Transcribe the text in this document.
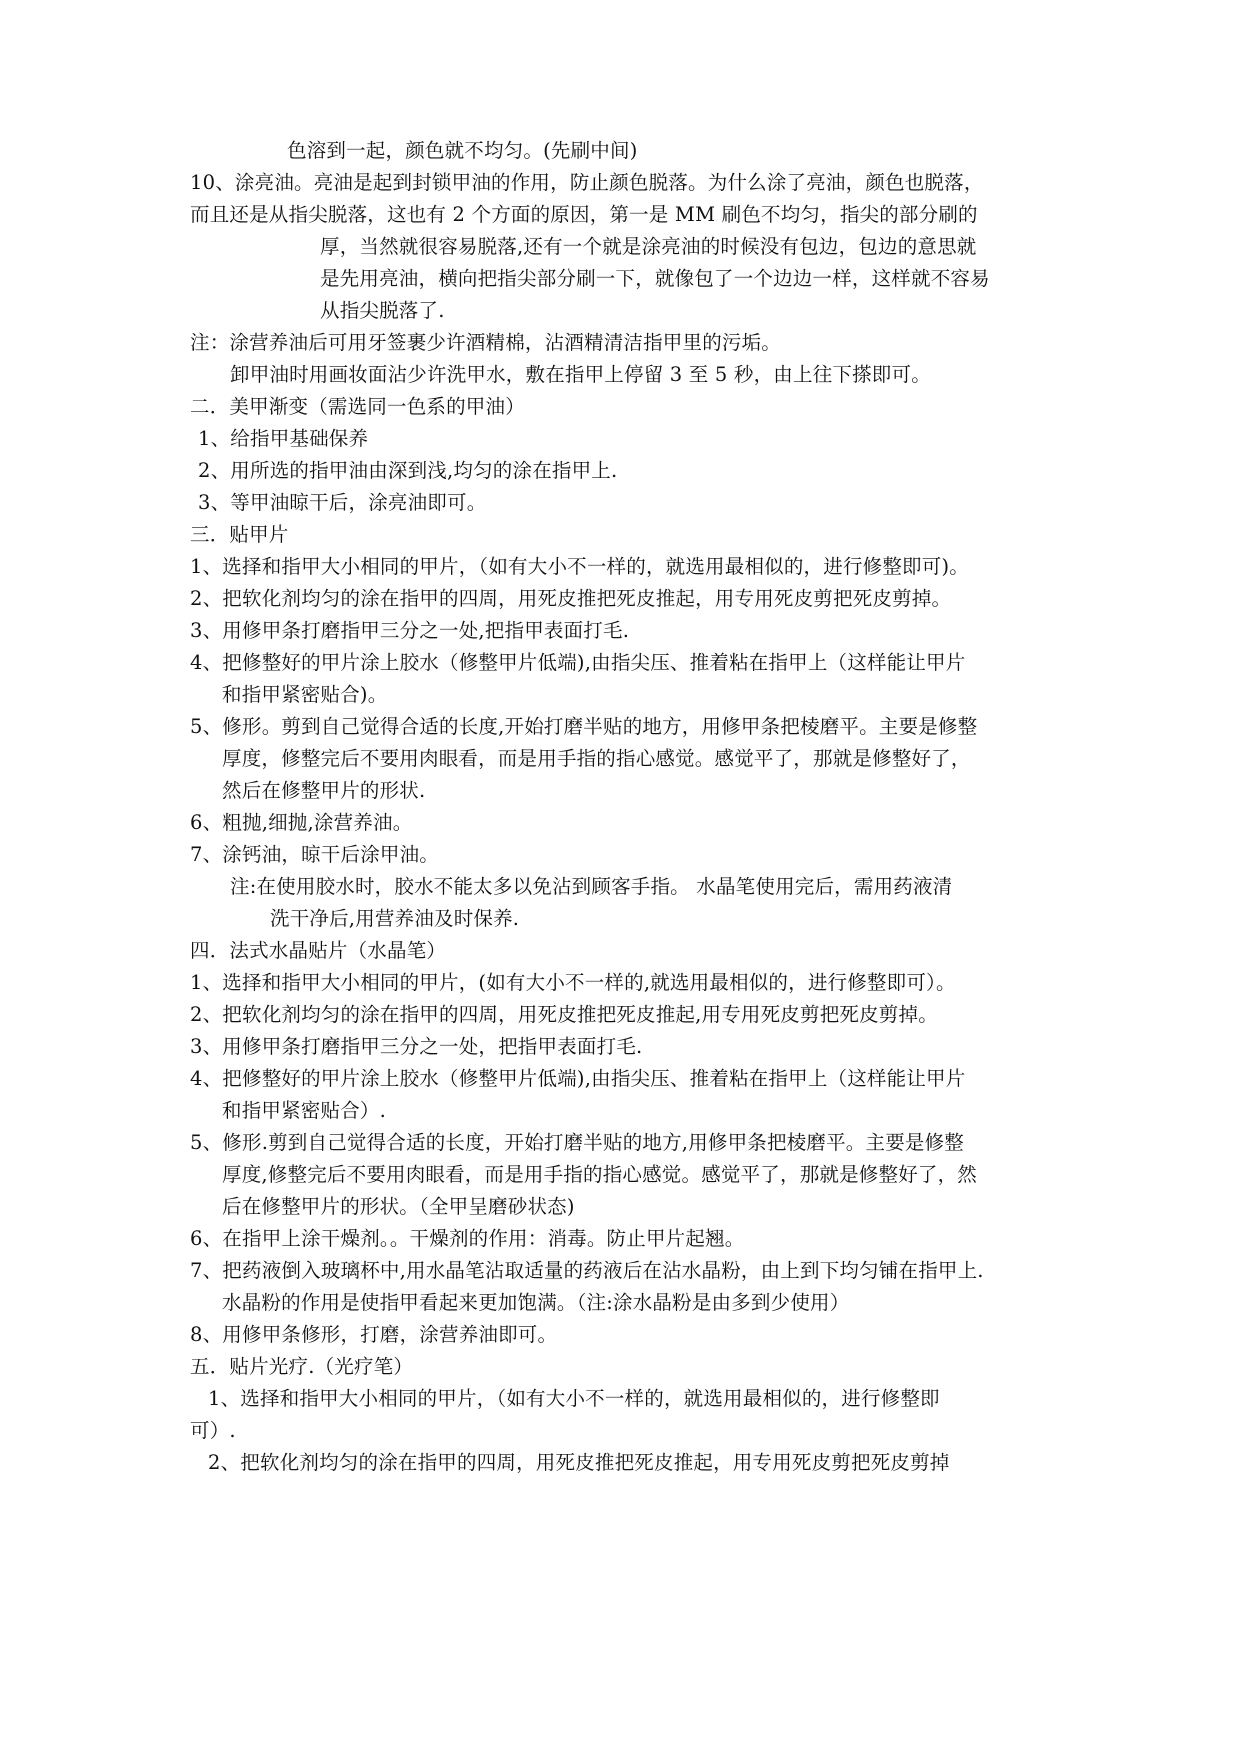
色溶到一起，颜色就不均匀。(先刷中间)
10、涂亮油。亮油是起到封锁甲油的作用，防止颜色脱落。为什么涂了亮油，颜色也脱落，
而且还是从指尖脱落，这也有 2 个方面的原因，第一是 MM 刷色不均匀，指尖的部分刷的
厚，当然就很容易脱落,还有一个就是涂亮油的时候没有包边，包边的意思就
是先用亮油，横向把指尖部分刷一下，就像包了一个边边一样，这样就不容易
从指尖脱落了.
注：涂营养油后可用牙签裹少许酒精棉，沾酒精清洁指甲里的污垢。
卸甲油时用画妆面沾少许洗甲水，敷在指甲上停留 3 至 5 秒，由上往下搽即可。
二．美甲渐变（需选同一色系的甲油）
1、给指甲基础保养
2、用所选的指甲油由深到浅,均匀的涂在指甲上.
3、等甲油晾干后，涂亮油即可。
三．贴甲片
1、选择和指甲大小相同的甲片，（如有大小不一样的，就选用最相似的，进行修整即可)。
2、把软化剂均匀的涂在指甲的四周，用死皮推把死皮推起，用专用死皮剪把死皮剪掉。
3、用修甲条打磨指甲三分之一处,把指甲表面打毛.
4、把修整好的甲片涂上胶水（修整甲片低端),由指尖压、推着粘在指甲上（这样能让甲片
和指甲紧密贴合)。
5、修形。剪到自己觉得合适的长度,开始打磨半贴的地方，用修甲条把棱磨平。主要是修整
厚度，修整完后不要用肉眼看，而是用手指的指心感觉。感觉平了，那就是修整好了，
然后在修整甲片的形状.
6、粗抛,细抛,涂营养油。
7、涂钙油，晾干后涂甲油。
注:在使用胶水时，胶水不能太多以免沾到顾客手指。 水晶笔使用完后，需用药液清
洗干净后,用营养油及时保养.
四．法式水晶贴片（水晶笔）
1、选择和指甲大小相同的甲片，(如有大小不一样的,就选用最相似的，进行修整即可）。
2、把软化剂均匀的涂在指甲的四周，用死皮推把死皮推起,用专用死皮剪把死皮剪掉。
3、用修甲条打磨指甲三分之一处，把指甲表面打毛.
4、把修整好的甲片涂上胶水（修整甲片低端),由指尖压、推着粘在指甲上（这样能让甲片
和指甲紧密贴合）.
5、修形.剪到自己觉得合适的长度，开始打磨半贴的地方,用修甲条把棱磨平。主要是修整
厚度,修整完后不要用肉眼看，而是用手指的指心感觉。感觉平了，那就是修整好了，然
后在修整甲片的形状。（全甲呈磨砂状态)
6、在指甲上涂干燥剂。。干燥剂的作用：消毒。防止甲片起翘。
7、把药液倒入玻璃杯中,用水晶笔沾取适量的药液后在沾水晶粉，由上到下均匀铺在指甲上.
水晶粉的作用是使指甲看起来更加饱满。（注:涂水晶粉是由多到少使用）
8、用修甲条修形，打磨，涂营养油即可。
五．贴片光疗.（光疗笔）
1、选择和指甲大小相同的甲片，（如有大小不一样的，就选用最相似的，进行修整即
可）.
2、把软化剂均匀的涂在指甲的四周，用死皮推把死皮推起，用专用死皮剪把死皮剪掉
